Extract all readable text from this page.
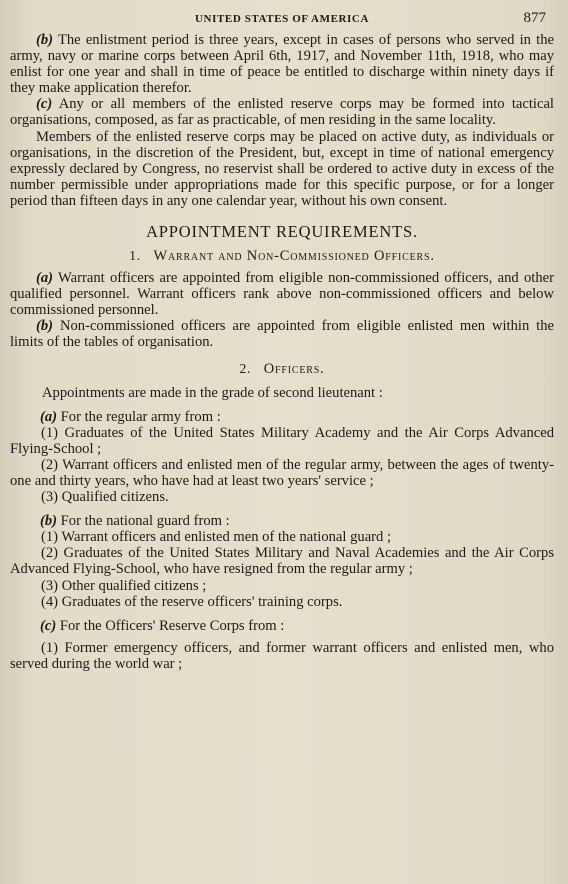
UNITED STATES OF AMERICA	877

(b) The enlistment period is three years, except in cases of persons who served in the army, navy or marine corps between April 6th, 1917, and November 11th, 1918, who may enlist for one year and shall in time of peace be entitled to discharge within ninety days if they make application therefor.

(c) Any or all members of the enlisted reserve corps may be formed into tactical organisations, composed, as far as practicable, of men residing in the same locality.

Members of the enlisted reserve corps may be placed on active duty, as individuals or organisations, in the discretion of the President, but, except in time of national emergency expressly declared by Congress, no reservist shall be ordered to active duty in excess of the number permissible under appropriations made for this specific purpose, or for a longer period than fifteen days in any one calendar year, without his own consent.

APPOINTMENT REQUIREMENTS.
1. Warrant and Non-Commissioned Officers.

(a) Warrant officers are appointed from eligible non-commissioned officers, and other qualified personnel. Warrant officers rank above non-commissioned officers and below commissioned personnel.

(b) Non-commissioned officers are appointed from eligible enlisted men within the limits of the tables of organisation.

2. Officers.

Appointments are made in the grade of second lieutenant :

(a) For the regular army from :

(1) Graduates of the United States Military Academy and the Air Corps Advanced Flying-School ;

(2) Warrant officers and enlisted men of the regular army, between the ages of twenty-one and thirty years, who have had at least two years' service ;

(3) Qualified citizens.

(b) For the national guard from :

(1) Warrant officers and enlisted men of the national guard ;

(2) Graduates of the United States Military and Naval Academies and the Air Corps Advanced Flying-School, who have resigned from the regular army ;

(3) Other qualified citizens ;

(4) Graduates of the reserve officers' training corps.

(c) For the Officers' Reserve Corps from :

(1) Former emergency officers, and former warrant officers and enlisted men, who served during the world war ;
